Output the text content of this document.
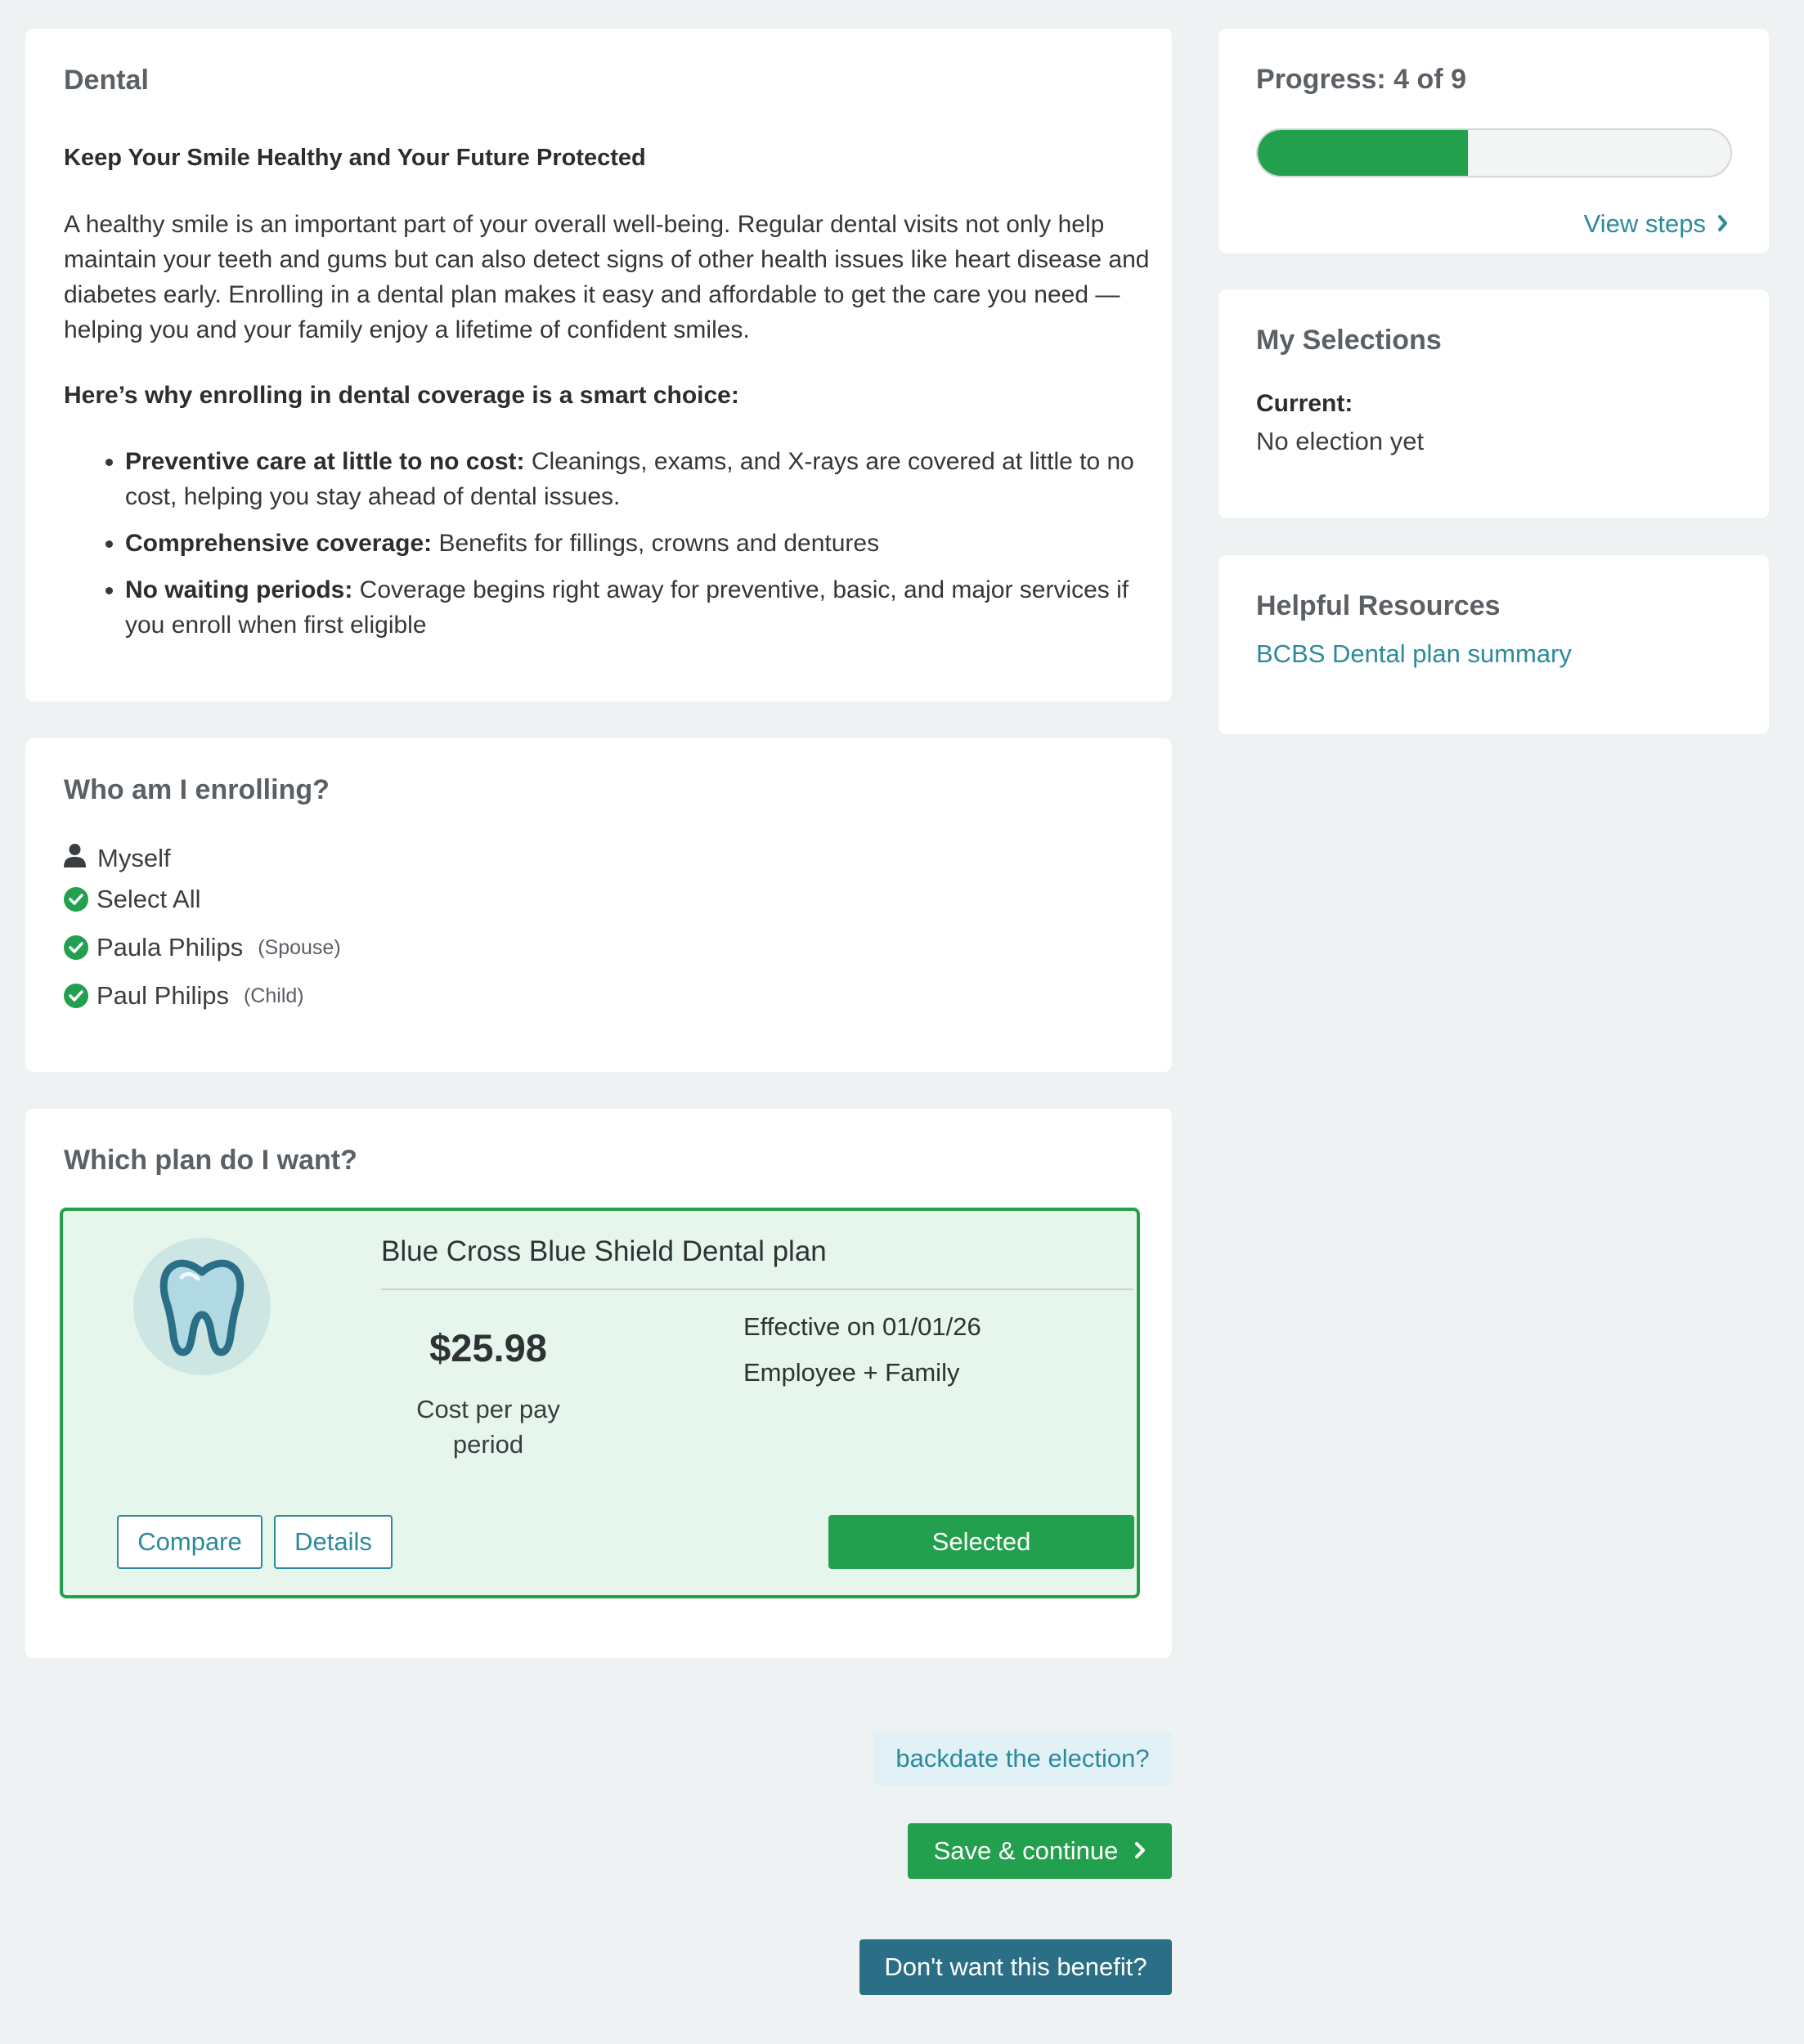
Dental
Keep Your Smile Healthy and Your Future Protected

A healthy smile is an important part of your overall well-being. Regular dental visits not only help maintain your teeth and gums but can also detect signs of other health issues like heart disease and diabetes early. Enrolling in a dental plan makes it easy and affordable to get the care you need — helping you and your family enjoy a lifetime of confident smiles.

Here’s why enrolling in dental coverage is a smart choice:
• Preventive care at little to no cost: Cleanings, exams, and X-rays are covered at little to no cost, helping you stay ahead of dental issues.
• Comprehensive coverage: Benefits for fillings, crowns and dentures
• No waiting periods: Coverage begins right away for preventive, basic, and major services if you enroll when first eligible
Who am I enrolling?
Myself
Select All
Paula Philips (Spouse)
Paul Philips (Child)
Which plan do I want?
Blue Cross Blue Shield Dental plan
$25.98
Cost per pay period
Effective on 01/01/26
Employee + Family
Compare	Details	Selected
backdate the election?
Save & continue
Don't want this benefit?
Progress: 4 of 9
View steps
My Selections
Current:
No election yet
Helpful Resources
BCBS Dental plan summary
